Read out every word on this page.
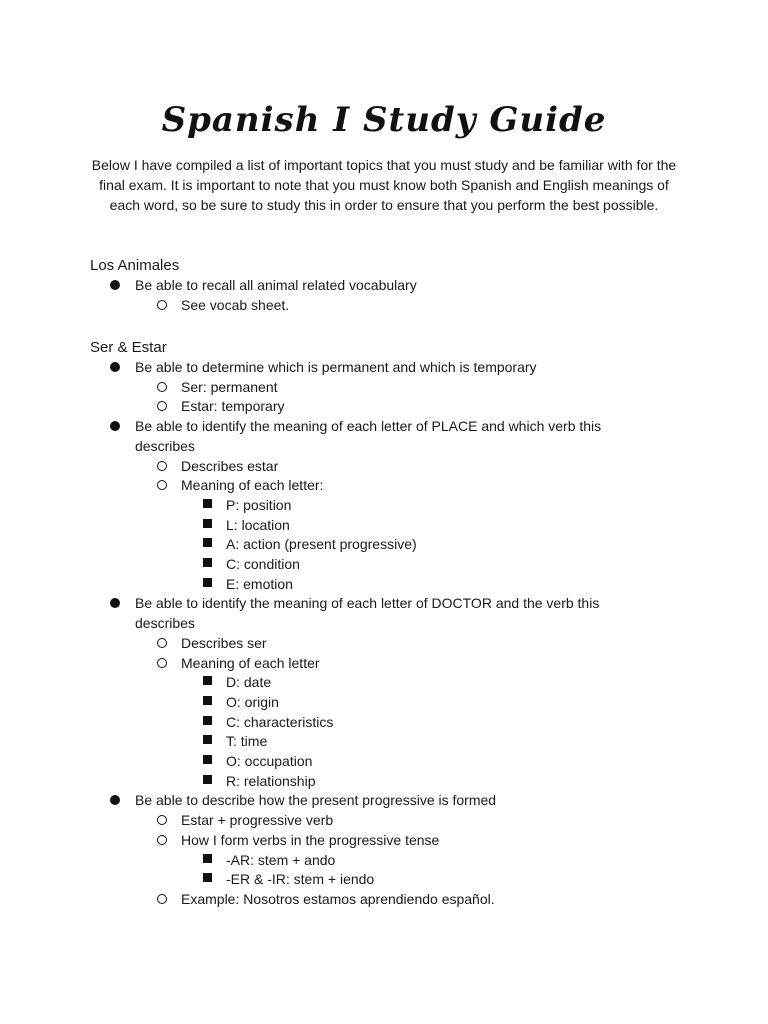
Spanish I Study Guide
Below I have compiled a list of important topics that you must study and be familiar with for the final exam. It is important to note that you must know both Spanish and English meanings of each word, so be sure to study this in order to ensure that you perform the best possible.
Los Animales
Be able to recall all animal related vocabulary
See vocab sheet.
Ser & Estar
Be able to determine which is permanent and which is temporary
Ser: permanent
Estar: temporary
Be able to identify the meaning of each letter of PLACE and which verb this describes
Describes estar
Meaning of each letter:
P: position
L: location
A: action (present progressive)
C: condition
E: emotion
Be able to identify the meaning of each letter of DOCTOR and the verb this describes
Describes ser
Meaning of each letter
D: date
O: origin
C: characteristics
T: time
O: occupation
R: relationship
Be able to describe how the present progressive is formed
Estar + progressive verb
How I form verbs in the progressive tense
-AR: stem + ando
-ER & -IR: stem + iendo
Example: Nosotros estamos aprendiendo español.
